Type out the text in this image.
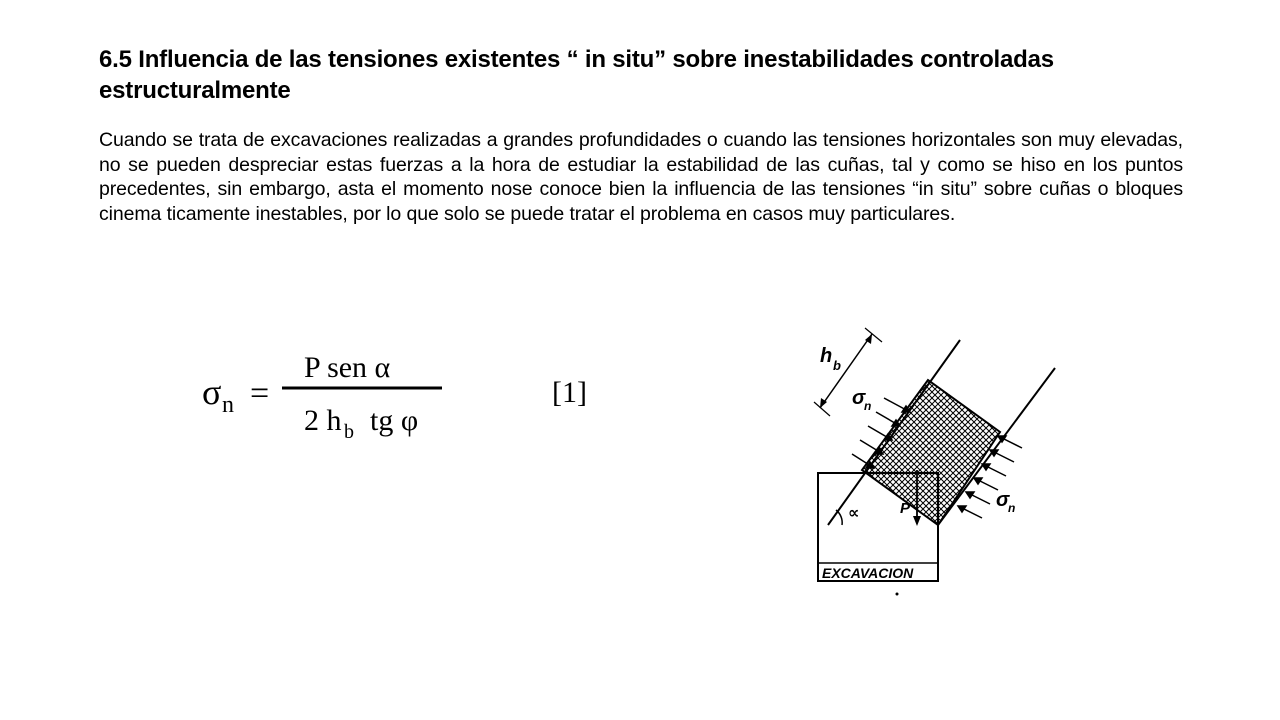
6.5 Influencia de las tensiones existentes “ in situ” sobre inestabilidades controladas estructuralmente

Cuando se trata de excavaciones realizadas a grandes profundidades o cuando las tensiones horizontales son muy elevadas, no se pueden despreciar estas fuerzas a la hora de estudiar la estabilidad de las cuñas, tal y como se hiso en los puntos precedentes, sin embargo, asta el momento nose conoce bien la influencia de las tensiones “in situ” sobre cuñas o bloques cinema ticamente inestables, por lo que solo se puede tratar el problema en casos muy particulares.

σ n =
P sen α
2 h b tg φ
[1]
h b
σ
n
σ
n
P
∝
EXCAVACION
